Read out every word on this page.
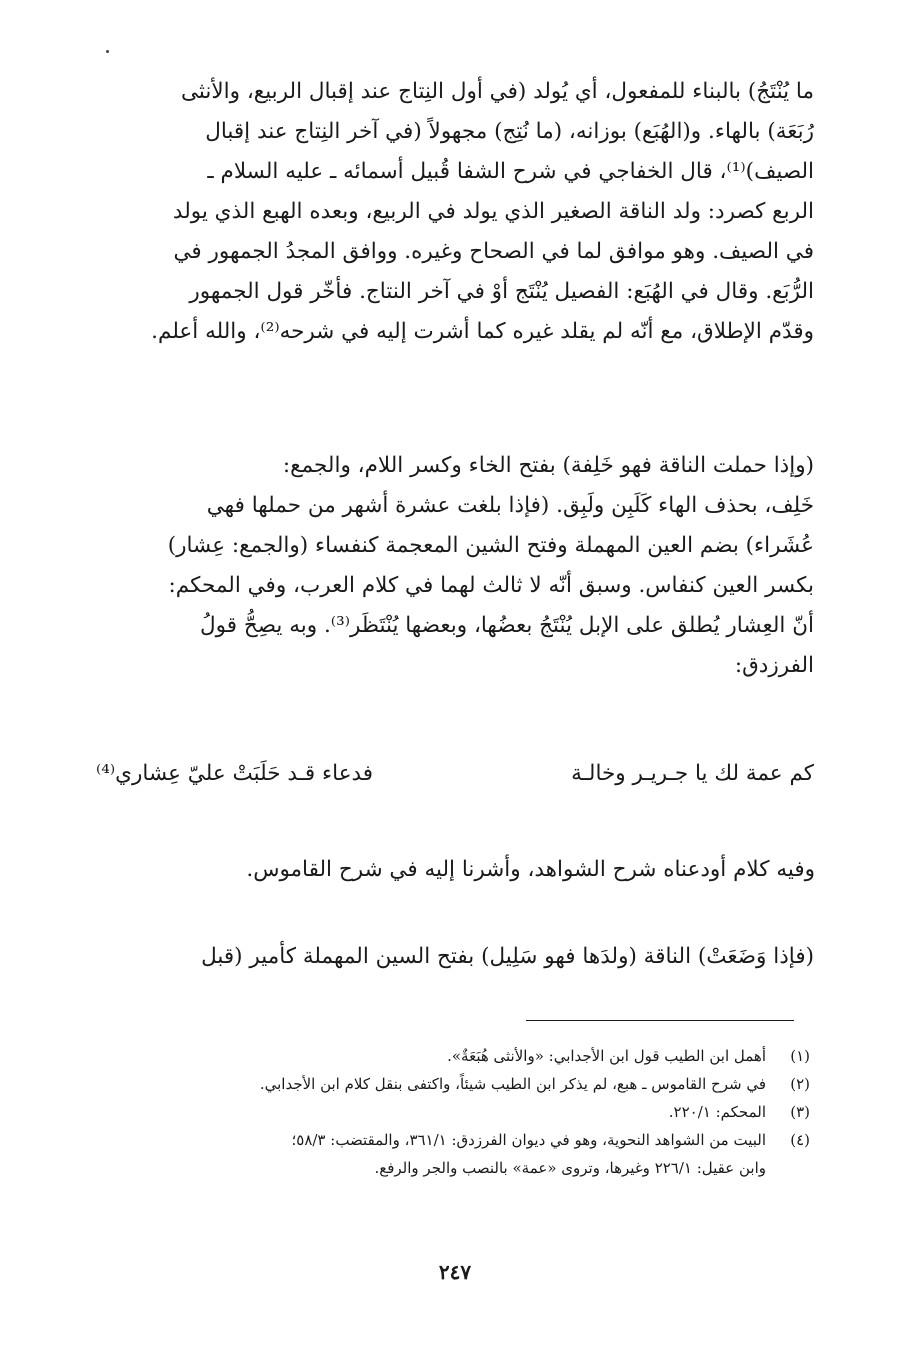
ما يُنْتَجُ) بالبناء للمفعول، أي يُولد (في أول النِتاج عند إقبال الربيع، والأنثى
رُبَعَة) بالهاء. و(الهُبَع) بوزانه، (ما نُتِج) مجهولاً (في آخر النِتاج عند إقبال
الصيف)⁽¹⁾، قال الخفاجي في شرح الشفا قُبيل أسمائه ـ عليه السلام ـ
الربع كصرد: ولد الناقة الصغير الذي يولد في الربيع، وبعده الهبع الذي يولد
في الصيف. وهو موافق لما في الصحاح وغيره. ووافق المجدُ الجمهور في
الرُّبَع. وقال في الهُبَع: الفصيل يُنْتَج أوْ في آخر النتاج. فأخّر قول الجمهور
وقدّم الإطلاق، مع أنّه لم يقلد غيره كما أشرت إليه في شرحه⁽²⁾، والله أعلم.
(وإذا حملت الناقة فهو خَلِفة) بفتح الخاء وكسر اللام، والجمع:
خَلِف، بحذف الهاء كَلَبِن ولَبِق. (فإذا بلغت عشرة أشهر من حملها فهي
عُشَراء) بضم العين المهملة وفتح الشين المعجمة كنفساء (والجمع: عِشار)
بكسر العين كنفاس. وسبق أنّه لا ثالث لهما في كلام العرب، وفي المحكم:
أنّ العِشار يُطلق على الإبل يُنْتَجُ بعضُها، وبعضها يُنْتَظَر⁽³⁾. وبه يصِحُّ قولُ
الفرزدق:
كم عمة لك يا جـريـر وخالـة
فدعاء قـد حَلَبَتْ عليّ عِشاري⁽⁴⁾
وفيه كلام أودعناه شرح الشواهد، وأشرنا إليه في شرح القاموس.
(فإذا وَضَعَتْ) الناقة (ولدَها فهو سَلِيل) بفتح السين المهملة كأمير (قبل
(١)
أهمل ابن الطيب قول ابن الأجدابي: «والأنثى هُبَعَةٌ».
(٢)
في شرح القاموس ـ هبع، لم يذكر ابن الطيب شيئاً، واكتفى بنقل كلام ابن الأجدابي.
(٣)
المحكم: ٢٢٠/١.
(٤)
البيت من الشواهد النحوية، وهو في ديوان الفرزدق: ٣٦١/١، والمقتضب: ٥٨/٣؛
وابن عقيل: ٢٢٦/١ وغيرها، وتروى «عمة» بالنصب والجر والرفع.
٢٤٧
